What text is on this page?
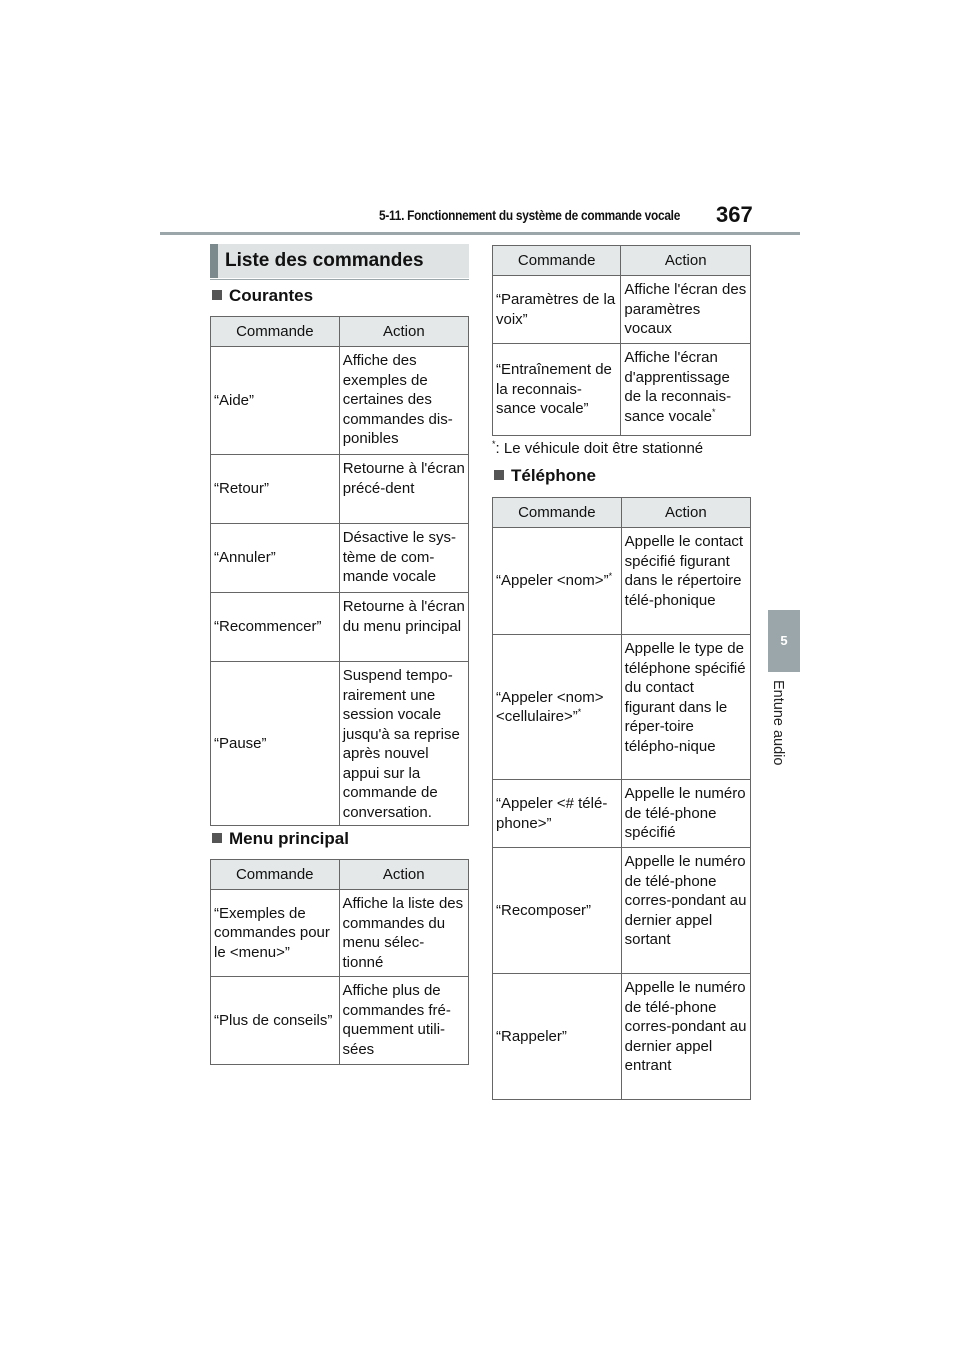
5-11. Fonctionnement du système de commande vocale 367
5
Entune audio
Liste des commandes
Courantes
Commande	Action
“Aide”	Affiche des exemples de certaines des commandes dis-ponibles
“Retour”	Retourne à l'écran précé-dent
“Annuler”	Désactive le sys-tème de com-mande vocale
“Recommencer”	Retourne à l'écran du menu principal
“Pause”	Suspend tempo-rairement une session vocale jusqu'à sa reprise après nouvel appui sur la commande de conversation.
Menu principal
Commande	Action
“Exemples de commandes pour le <menu>”	Affiche la liste des commandes du menu sélec-tionné
“Plus de conseils”	Affiche plus de commandes fré-quemment utili-sées
Commande	Action
“Paramètres de la voix”	Affiche l'écran des paramètres vocaux
“Entraînement de la reconnais-sance vocale”	Affiche l'écran d'apprentissage de la reconnais-sance vocale*
*: Le véhicule doit être stationné
Téléphone
Commande	Action
“Appeler <nom>”*	Appelle le contact spécifié figurant dans le répertoire télé-phonique
“Appeler <nom> <cellulaire>”*	Appelle le type de téléphone spécifié du contact figurant dans le réper-toire télépho-nique
“Appeler <# télé-phone>”	Appelle le numéro de télé-phone spécifié
“Recomposer”	Appelle le numéro de télé-phone corres-pondant au dernier appel sortant
“Rappeler”	Appelle le numéro de télé-phone corres-pondant au dernier appel entrant
